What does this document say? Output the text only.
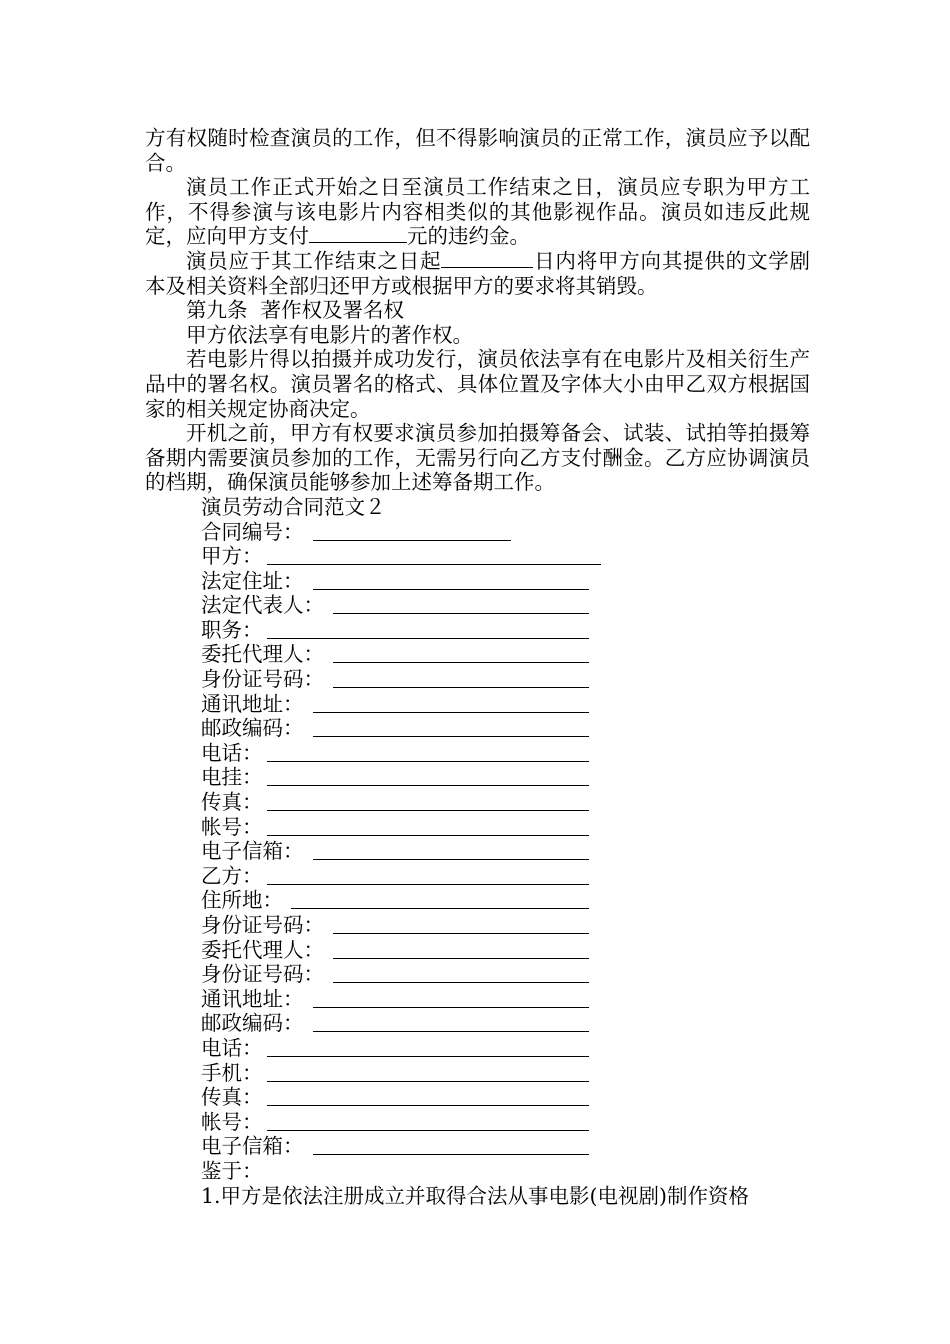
方有权随时检查演员的工作，但不得影响演员的正常工作，演员应予以配合。

演员工作正式开始之日至演员工作结束之日，演员应专职为甲方工作，不得参演与该电影片内容相类似的其他影视作品。演员如违反此规定，应向甲方支付	元的违约金。

演员应于其工作结束之日起	日内将甲方向其提供的文学剧本及相关资料全部归还甲方或根据甲方的要求将其销毁。

第九条  著作权及署名权

甲方依法享有电影片的著作权。

若电影片得以拍摄并成功发行，演员依法享有在电影片及相关衍生产品中的署名权。演员署名的格式、具体位置及字体大小由甲乙双方根据国家的相关规定协商决定。

开机之前，甲方有权要求演员参加拍摄筹备会、试装、试拍等拍摄筹备期内需要演员参加的工作，无需另行向乙方支付酬金。乙方应协调演员的档期，确保演员能够参加上述筹备期工作。

演员劳动合同范文２
合同编号：
甲方：
法定住址：
法定代表人：
职务：
委托代理人：
身份证号码：
通讯地址：
邮政编码：
电话：
电挂：
传真：
帐号：
电子信箱：
乙方：
住所地：
身份证号码：
委托代理人：
身份证号码：
通讯地址：
邮政编码：
电话：
手机：
传真：
帐号：
电子信箱：
鉴于：
1.甲方是依法注册成立并取得合法从事电影(电视剧)制作资格
